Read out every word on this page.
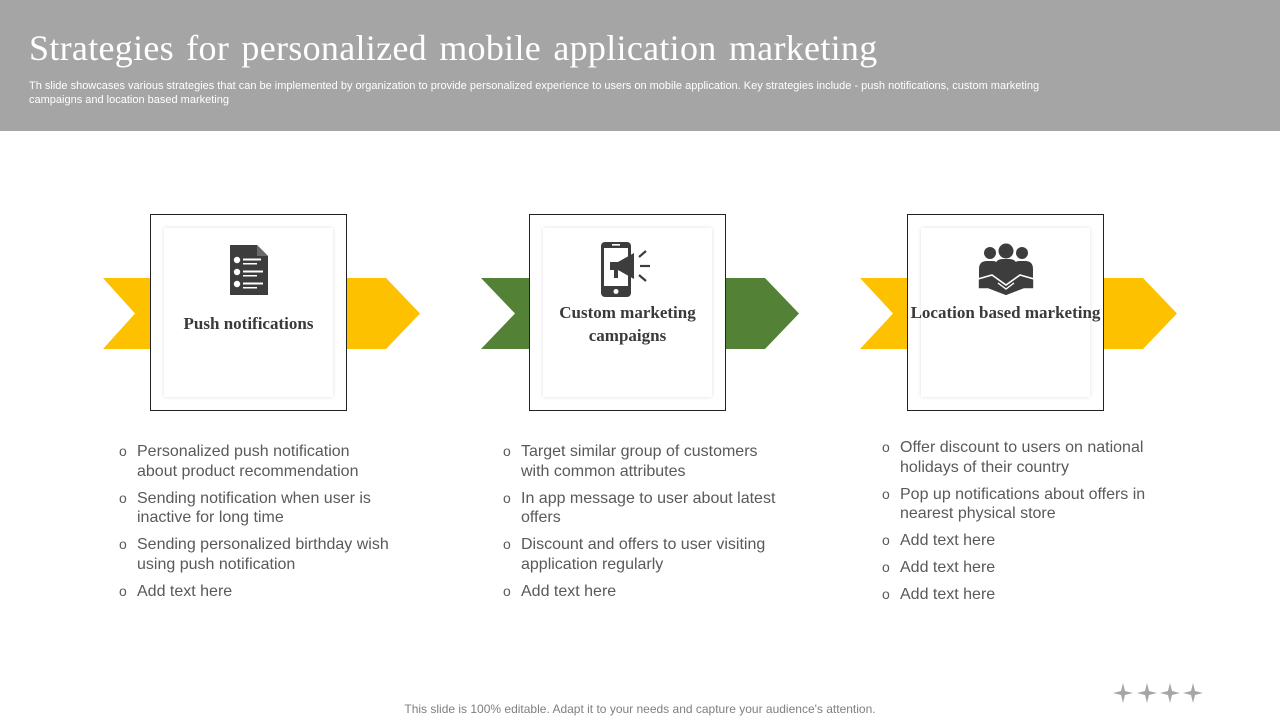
Strategies for personalized mobile application marketing

Th slide showcases various strategies that can be implemented by organization to provide personalized experience to users on mobile application. Key strategies include - push notifications, custom marketing campaigns and location based marketing

Push notifications
Custom marketing campaigns
Location based marketing
o Personalized push notification about product recommendation
o Sending notification when user is inactive for long time
o Sending personalized birthday wish using push notification
o Add text here
o Target similar group of customers with common attributes
o In app message to user about latest offers
o Discount and offers to user visiting application regularly
o Add text here
o Offer discount to users on national holidays of their country
o Pop up notifications about offers in nearest physical store
o Add text here
o Add text here
o Add text here
This slide is 100% editable. Adapt it to your needs and capture your audience's attention.
